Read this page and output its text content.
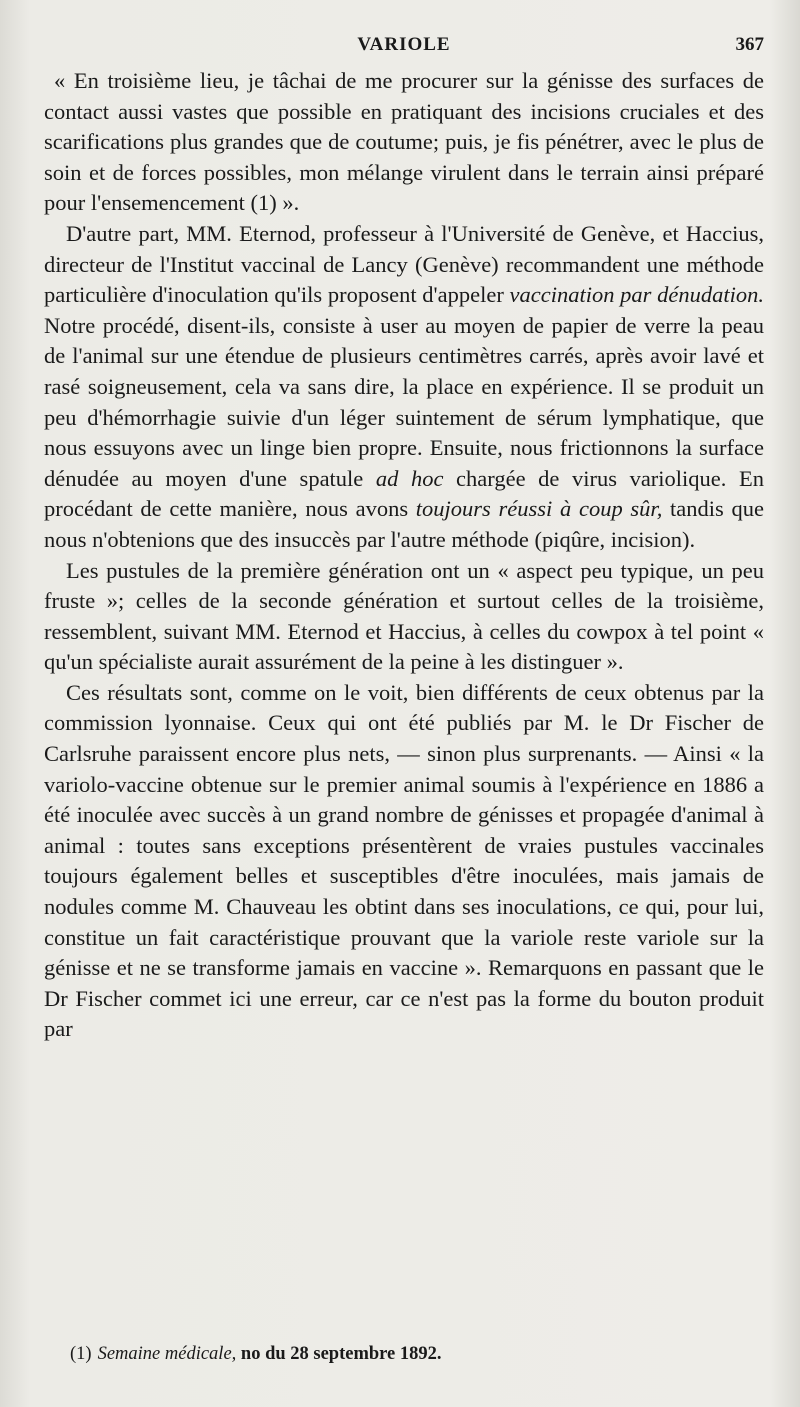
VARIOLE	367

« En troisième lieu, je tâchai de me procurer sur la génisse des surfaces de contact aussi vastes que possible en pratiquant des incisions cruciales et des scarifications plus grandes que de coutume; puis, je fis pénétrer, avec le plus de soin et de forces possibles, mon mélange virulent dans le terrain ainsi préparé pour l'ensemencement (1) ».

D'autre part, MM. Eternod, professeur à l'Université de Genève, et Haccius, directeur de l'Institut vaccinal de Lancy (Genève) recommandent une méthode particulière d'inoculation qu'ils proposent d'appeler vaccination par dénudation. Notre procédé, disent-ils, consiste à user au moyen de papier de verre la peau de l'animal sur une étendue de plusieurs centimètres carrés, après avoir lavé et rasé soigneusement, cela va sans dire, la place en expérience. Il se produit un peu d'hémorrhagie suivie d'un léger suintement de sérum lymphatique, que nous essuyons avec un linge bien propre. Ensuite, nous frictionnons la surface dénudée au moyen d'une spatule ad hoc chargée de virus variolique. En procédant de cette manière, nous avons toujours réussi à coup sûr, tandis que nous n'obtenions que des insuccès par l'autre méthode (piqûre, incision).

Les pustules de la première génération ont un « aspect peu typique, un peu fruste »; celles de la seconde génération et surtout celles de la troisième, ressemblent, suivant MM. Eternod et Haccius, à celles du cowpox à tel point « qu'un spécialiste aurait assurément de la peine à les distinguer ».

Ces résultats sont, comme on le voit, bien différents de ceux obtenus par la commission lyonnaise. Ceux qui ont été publiés par M. le Dr Fischer de Carlsruhe paraissent encore plus nets, — sinon plus surprenants. — Ainsi « la variolo-vaccine obtenue sur le premier animal soumis à l'expérience en 1886 a été inoculée avec succès à un grand nombre de génisses et propagée d'animal à animal : toutes sans exceptions présentèrent de vraies pustules vaccinales toujours également belles et susceptibles d'être inoculées, mais jamais de nodules comme M. Chauveau les obtint dans ses inoculations, ce qui, pour lui, constitue un fait caractéristique prouvant que la variole reste variole sur la génisse et ne se transforme jamais en vaccine ». Remarquons en passant que le Dr Fischer commet ici une erreur, car ce n'est pas la forme du bouton produit par

(1) Semaine médicale, no du 28 septembre 1892.
